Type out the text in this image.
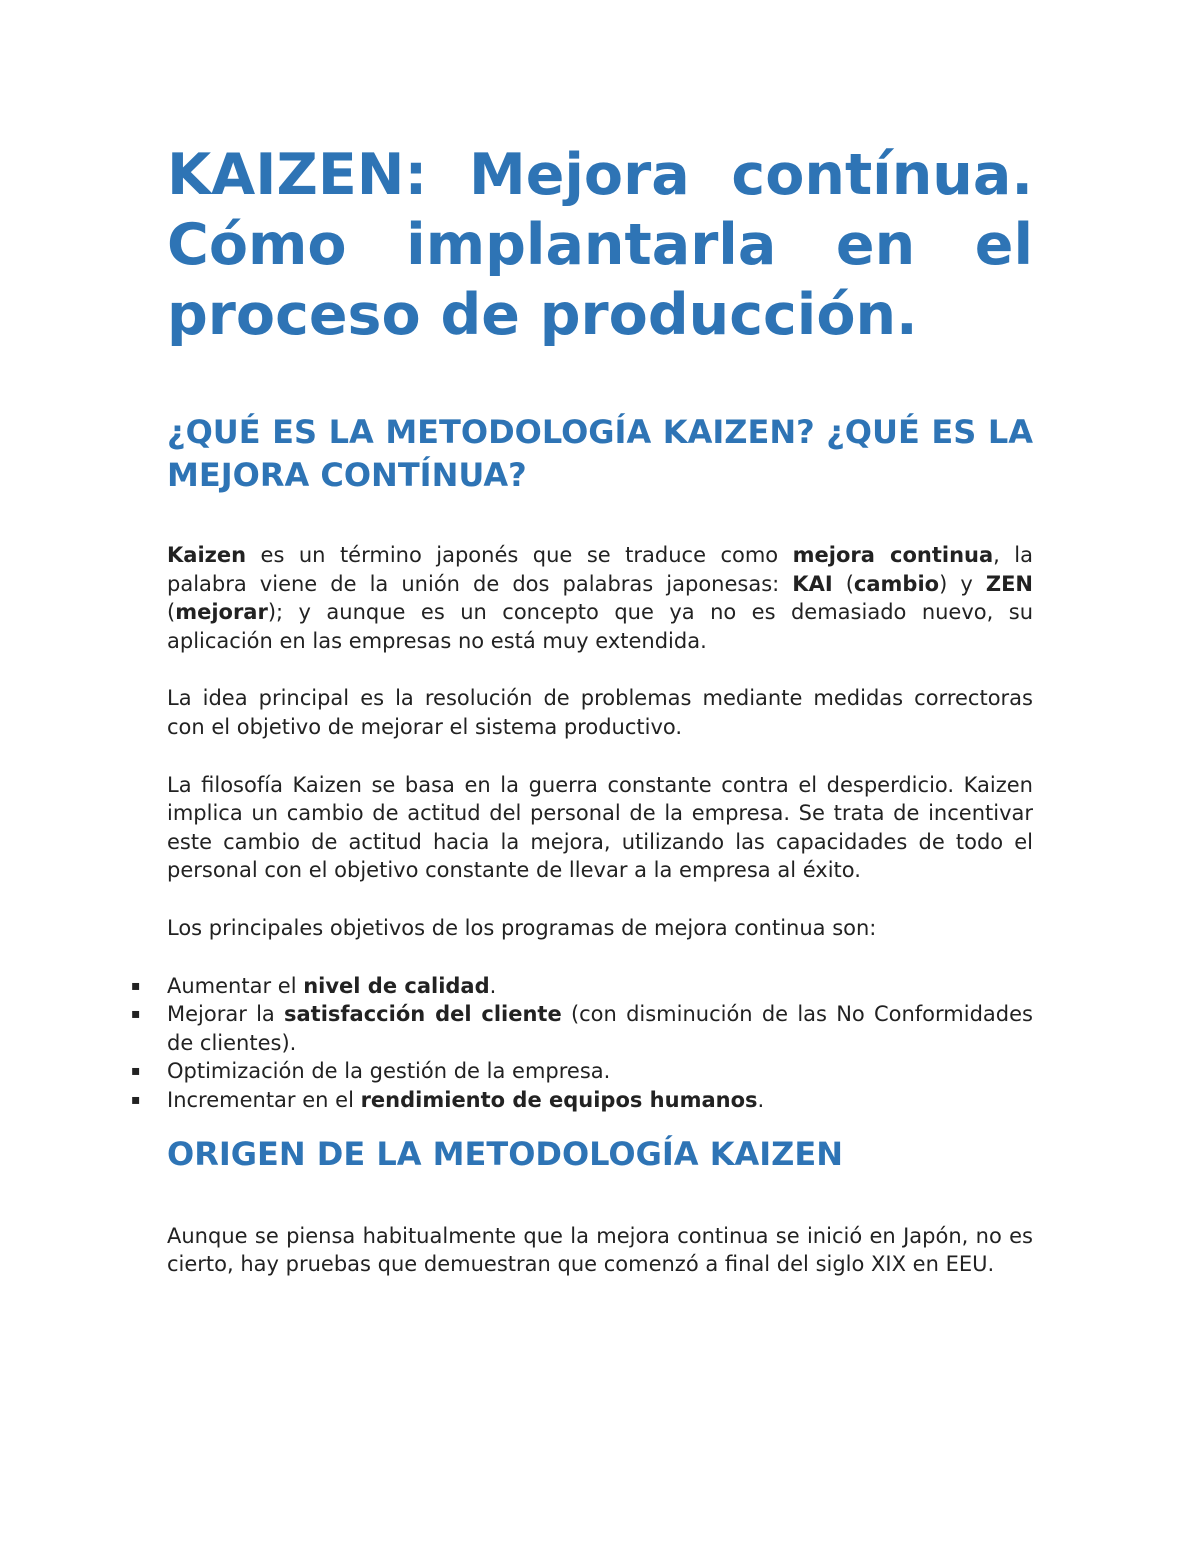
KAIZEN: Mejora contínua. Cómo implantarla en el proceso de producción.
¿QUÉ ES LA METODOLOGÍA KAIZEN? ¿QUÉ ES LA MEJORA CONTÍNUA?

Kaizen es un término japonés que se traduce como mejora continua, la palabra viene de la unión de dos palabras japonesas: KAI (cambio) y ZEN (mejorar); y aunque es un concepto que ya no es demasiado nuevo, su aplicación en las empresas no está muy extendida.

La idea principal es la resolución de problemas mediante medidas correctoras con el objetivo de mejorar el sistema productivo.

La filosofía Kaizen se basa en la guerra constante contra el desperdicio. Kaizen implica un cambio de actitud del personal de la empresa. Se trata de incentivar este cambio de actitud hacia la mejora, utilizando las capacidades de todo el personal con el objetivo constante de llevar a la empresa al éxito.

Los principales objetivos de los programas de mejora continua son:

▪ Aumentar el nivel de calidad.
▪ Mejorar la satisfacción del cliente (con disminución de las No Conformidades de clientes).
▪ Optimización de la gestión de la empresa.
▪ Incrementar en el rendimiento de equipos humanos.
ORIGEN DE LA METODOLOGÍA KAIZEN

Aunque se piensa habitualmente que la mejora continua se inició en Japón, no es cierto, hay pruebas que demuestran que comenzó a final del siglo XIX en EEU.
